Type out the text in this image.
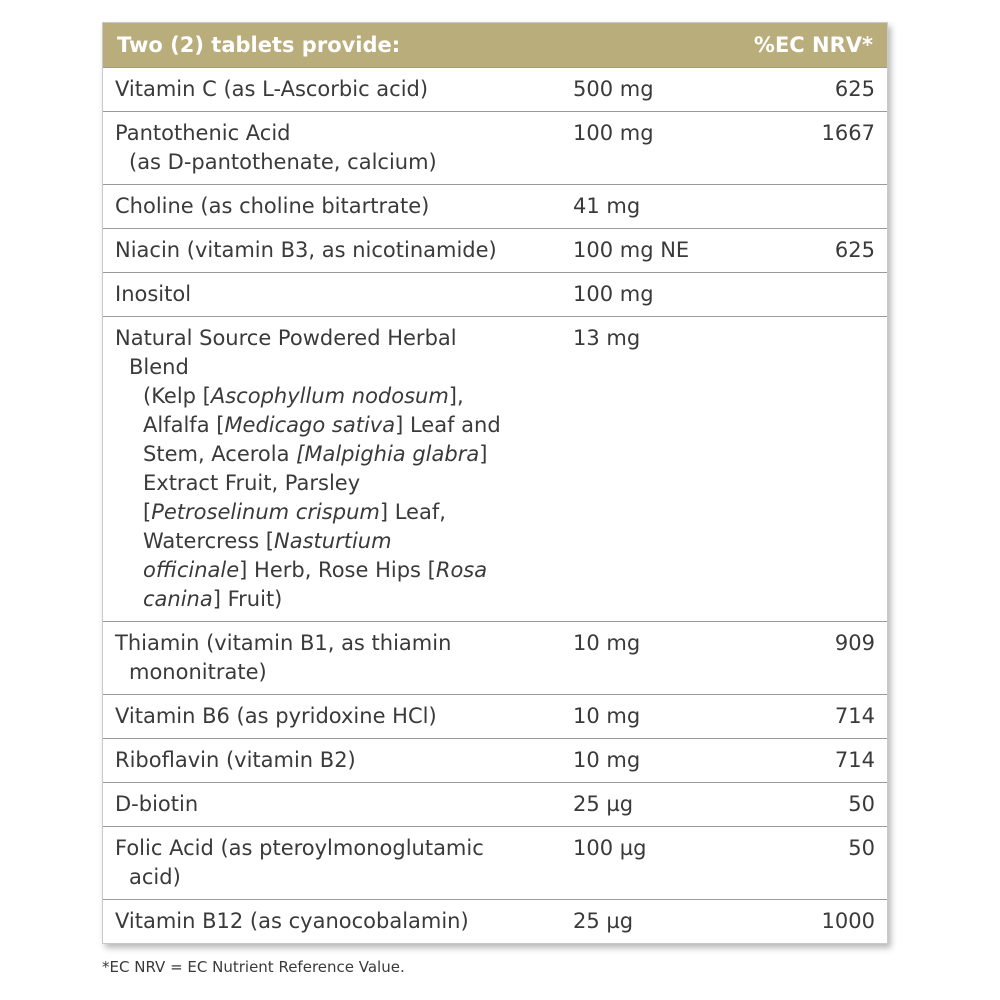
Two (2) tablets provide:	%EC NRV*
Vitamin C (as L-Ascorbic acid)	500 mg	625
Pantothenic Acid
(as D-pantothenate, calcium)
100 mg	1667
Choline (as choline bitartrate)	41 mg
Niacin (vitamin B3, as nicotinamide)	100 mg NE	625
Inositol	100 mg
Natural Source Powdered Herbal
Blend
(Kelp [Ascophyllum nodosum],
Alfalfa [Medicago sativa] Leaf and
Stem, Acerola [Malpighia glabra]
Extract Fruit, Parsley
[Petroselinum crispum] Leaf,
Watercress [Nasturtium
officinale] Herb, Rose Hips [Rosa
canina] Fruit)
13 mg
Thiamin (vitamin B1, as thiamin
mononitrate)
10 mg	909
Vitamin B6 (as pyridoxine HCl)	10 mg	714
Riboflavin (vitamin B2)	10 mg	714
D-biotin	25 µg	50
Folic Acid (as pteroylmonoglutamic
acid)
100 µg	50
Vitamin B12 (as cyanocobalamin)	25 µg	1000
*EC NRV = EC Nutrient Reference Value.
